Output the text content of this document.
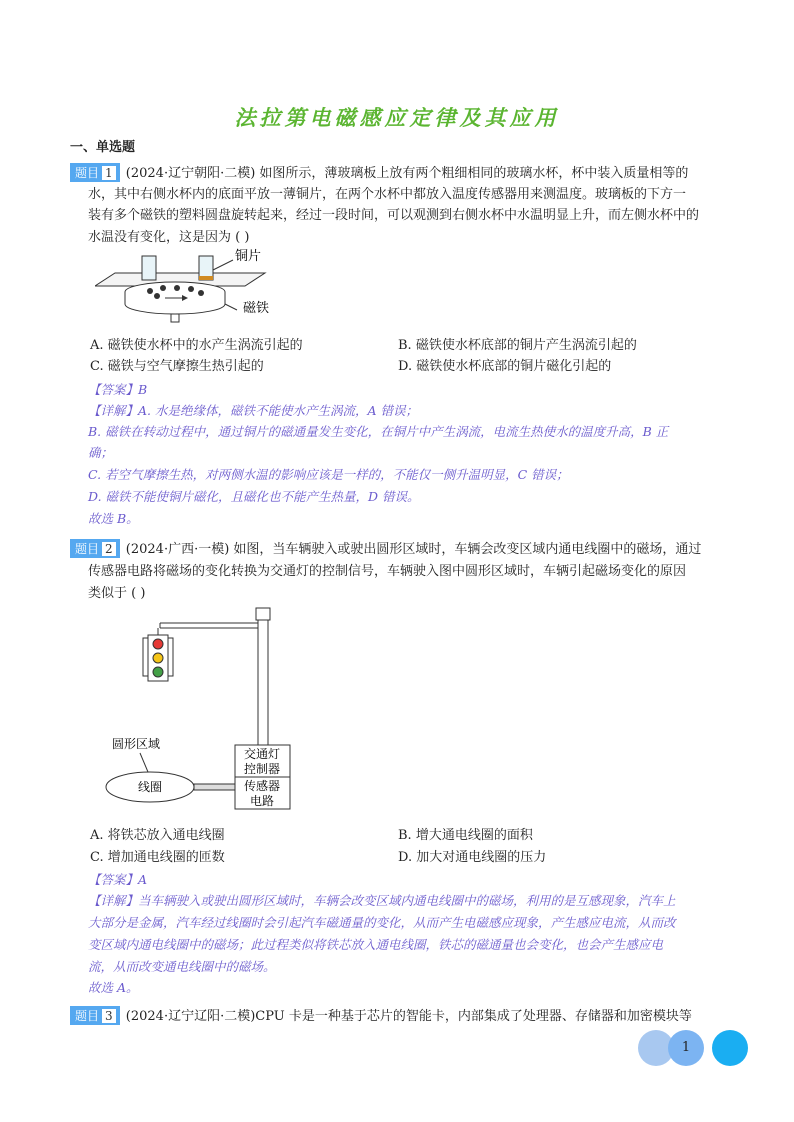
法拉第电磁感应定律及其应用
一、单选题
题目 1 (2024·辽宁朝阳·二模) 如图所示，薄玻璃板上放有两个粗细相同的玻璃水杯，杯中装入质量相等的
水，其中右侧水杯内的底面平放一薄铜片，在两个水杯中都放入温度传感器用来测温度。玻璃板的下方一
装有多个磁铁的塑料圆盘旋转起来，经过一段时间，可以观测到右侧水杯中水温明显上升，而左侧水杯中的
水温没有变化，这是因为 ( )
铜片
磁铁
A. 磁铁使水杯中的水产生涡流引起的	B. 磁铁使水杯底部的铜片产生涡流引起的
C. 磁铁与空气摩擦生热引起的	D. 磁铁使水杯底部的铜片磁化引起的
【答案】B
【详解】A. 水是绝缘体，磁铁不能使水产生涡流，A 错误；
B. 磁铁在转动过程中，通过铜片的磁通量发生变化，在铜片中产生涡流，电流生热使水的温度升高，B 正
确；
C. 若空气摩擦生热，对两侧水温的影响应该是一样的，不能仅一侧升温明显，C 错误；
D. 磁铁不能使铜片磁化，且磁化也不能产生热量，D 错误。
故选 B。
题目 2 (2024·广西·一模) 如图，当车辆驶入或驶出圆形区域时，车辆会改变区域内通电线圈中的磁场，通过
传感器电路将磁场的变化转换为交通灯的控制信号，车辆驶入图中圆形区域时，车辆引起磁场变化的原因
类似于 ( )
交通灯
控制器
传感器
电路
线圈
圆形区域
A. 将铁芯放入通电线圈	B. 增大通电线圈的面积
C. 增加通电线圈的匝数	D. 加大对通电线圈的压力
【答案】A
【详解】当车辆驶入或驶出圆形区域时，车辆会改变区域内通电线圈中的磁场，利用的是互感现象，汽车上
大部分是金属，汽车经过线圈时会引起汽车磁通量的变化，从而产生电磁感应现象，产生感应电流，从而改
变区域内通电线圈中的磁场；此过程类似将铁芯放入通电线圈，铁芯的磁通量也会变化，也会产生感应电
流，从而改变通电线圈中的磁场。
故选 A。
题目 3 (2024·辽宁辽阳·二模)CPU 卡是一种基于芯片的智能卡，内部集成了处理器、存储器和加密模块等
1
